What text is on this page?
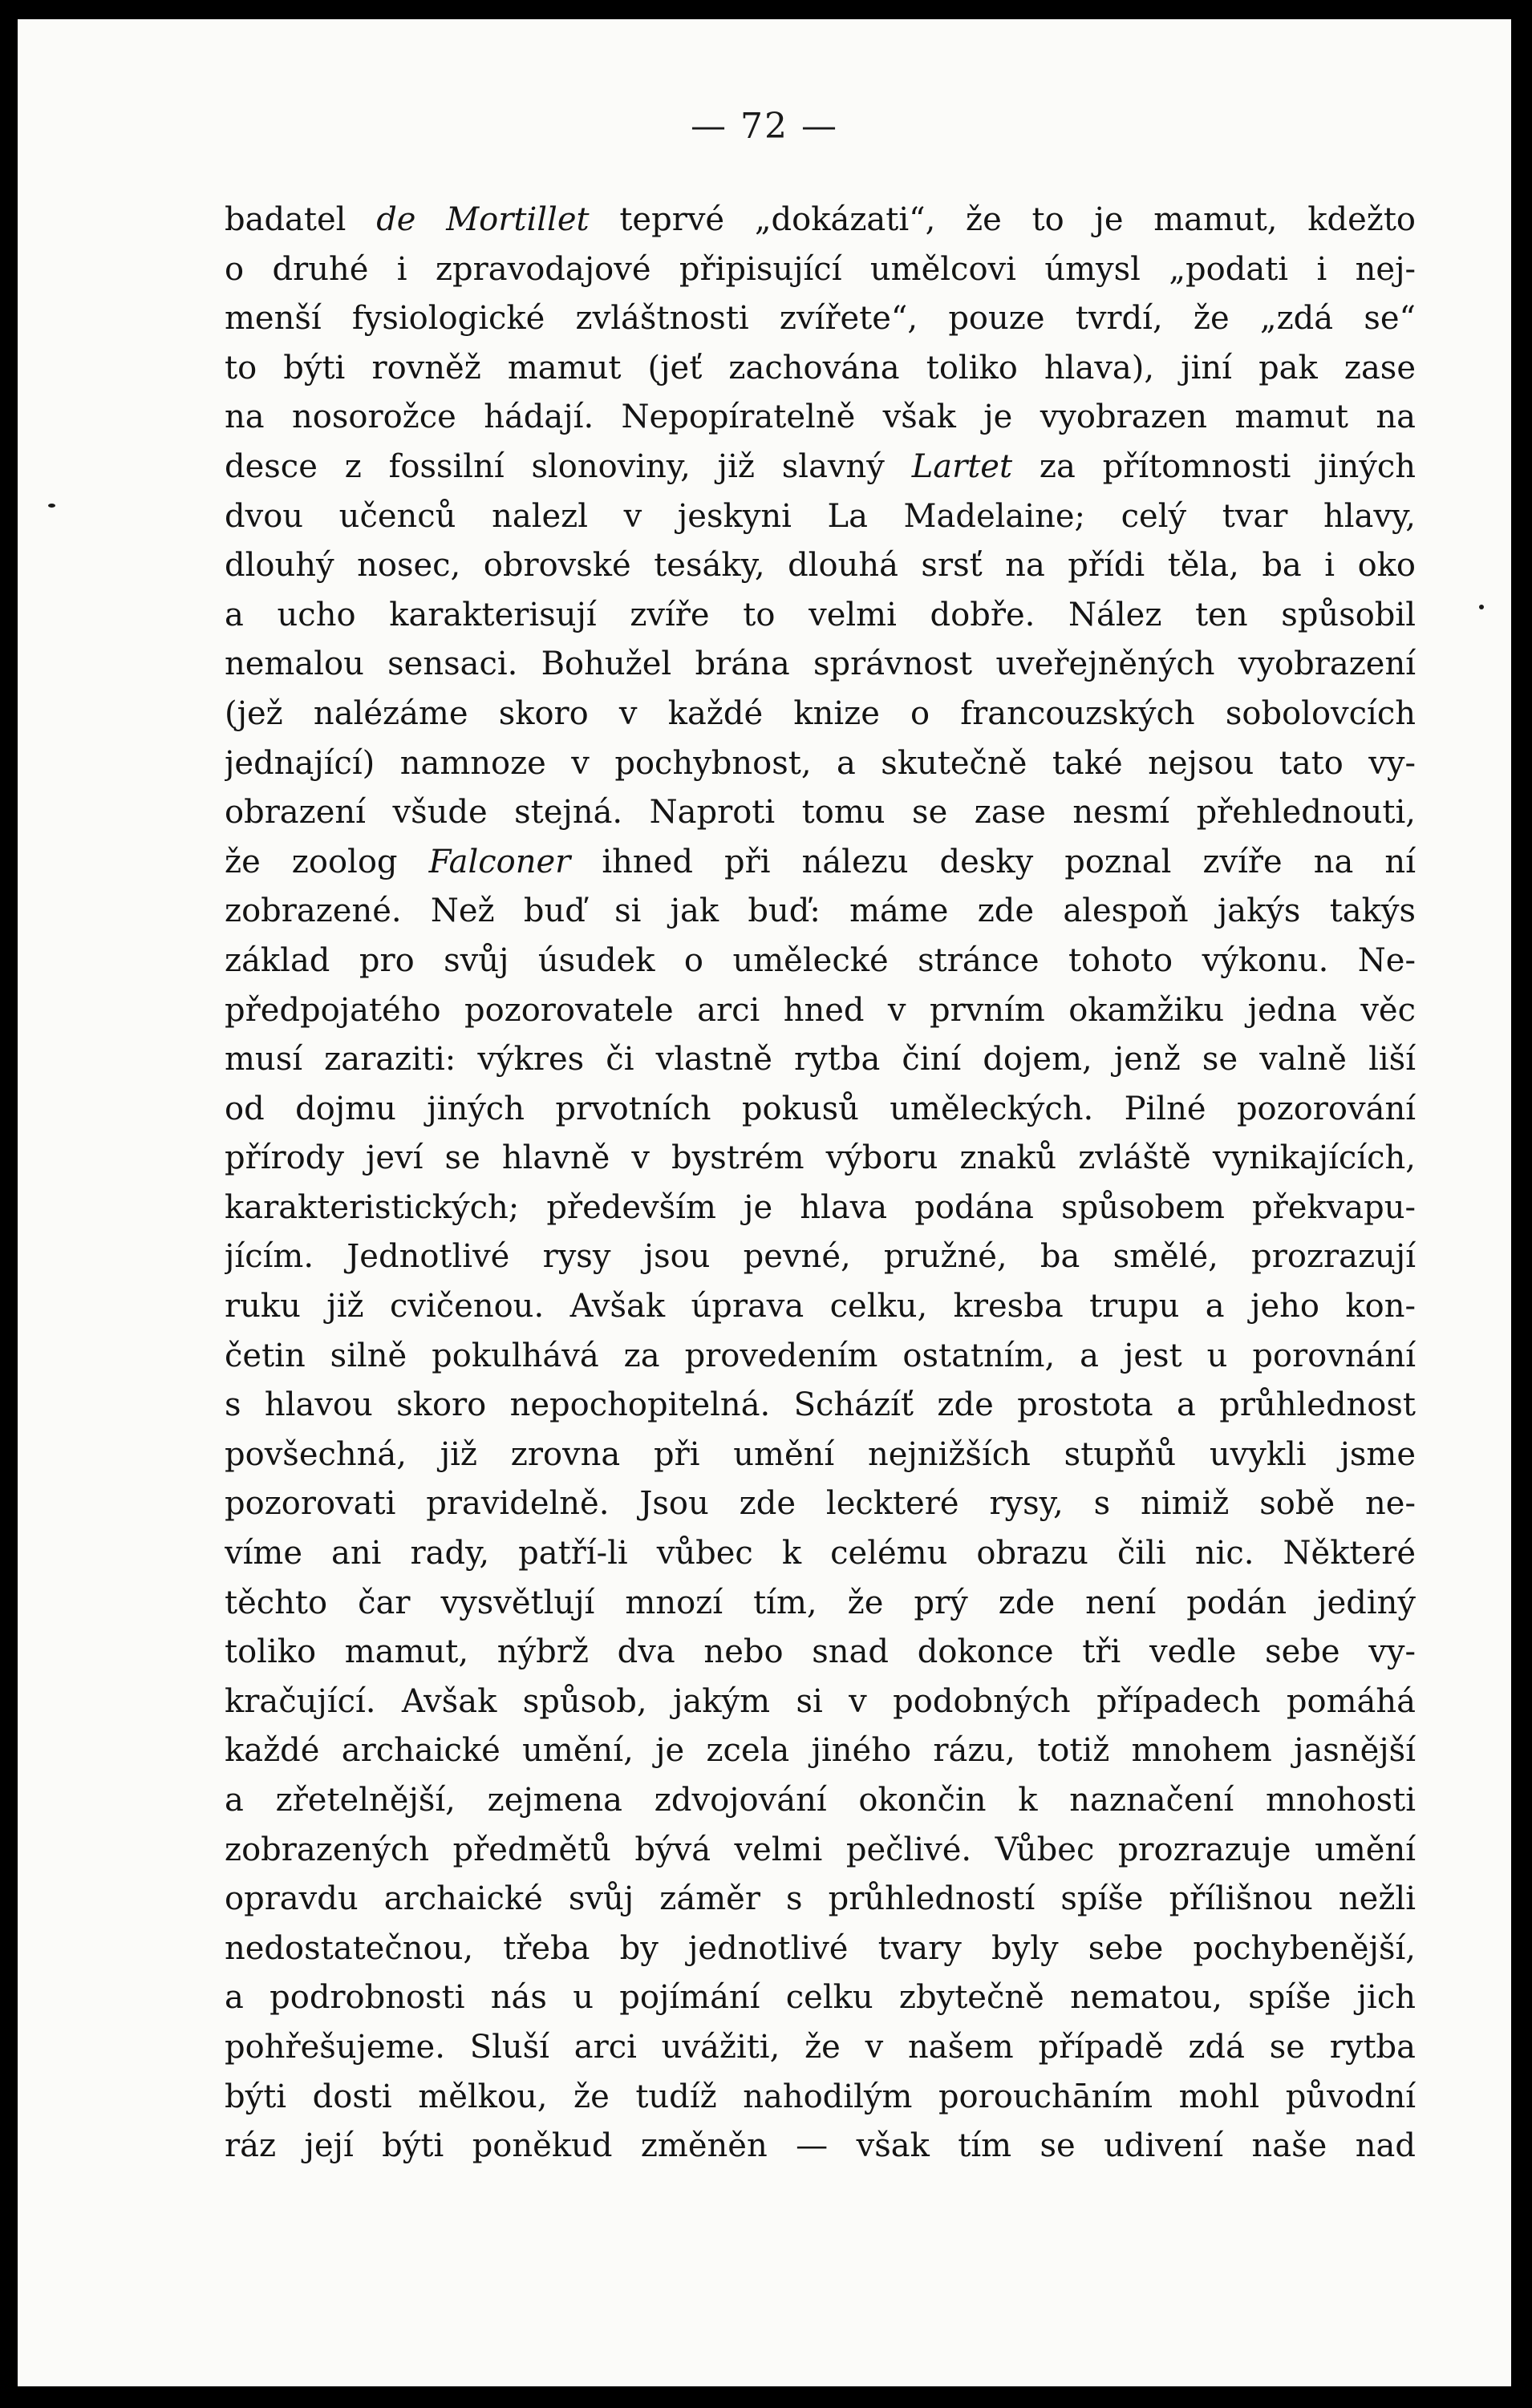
— 72 —
badatel de Mortillet teprvé „dokázati“, že to je mamut, kdežto
o druhé i zpravodajové připisující umělcovi úmysl „podati i nej-
menší fysiologické zvláštnosti zvířete“, pouze tvrdí, že „zdá se“
to býti rovněž mamut (jeť zachována toliko hlava), jiní pak zase
na nosorožce hádají. Nepopíratelně však je vyobrazen mamut na
desce z fossilní slonoviny, již slavný Lartet za přítomnosti jiných
dvou učenců nalezl v jeskyni La Madelaine; celý tvar hlavy,
dlouhý nosec, obrovské tesáky, dlouhá srsť na přídi těla, ba i oko
a ucho karakterisují zvíře to velmi dobře. Nález ten spůsobil
nemalou sensaci. Bohužel brána správnost uveřejněných vyobrazení
(jež nalézáme skoro v každé knize o francouzských sobolovcích
jednající) namnoze v pochybnost, a skutečně také nejsou tato vy-
obrazení všude stejná. Naproti tomu se zase nesmí přehlednouti,
že zoolog Falconer ihned při nálezu desky poznal zvíře na ní
zobrazené. Než buď si jak buď: máme zde alespoň jakýs takýs
základ pro svůj úsudek o umělecké stránce tohoto výkonu. Ne-
předpojatého pozorovatele arci hned v prvním okamžiku jedna věc
musí zaraziti: výkres či vlastně rytba činí dojem, jenž se valně liší
od dojmu jiných prvotních pokusů uměleckých. Pilné pozorování
přírody jeví se hlavně v bystrém výboru znaků zvláště vynikajících,
karakteristických; především je hlava podána spůsobem překvapu-
jícím. Jednotlivé rysy jsou pevné, pružné, ba smělé, prozrazují
ruku již cvičenou. Avšak úprava celku, kresba trupu a jeho kon-
četin silně pokulhává za provedením ostatním, a jest u porovnání
s hlavou skoro nepochopitelná. Scházíť zde prostota a průhlednost
povšechná, již zrovna při umění nejnižších stupňů uvykli jsme
pozorovati pravidelně. Jsou zde leckteré rysy, s nimiž sobě ne-
víme ani rady, patří-li vůbec k celému obrazu čili nic. Některé
těchto čar vysvětlují mnozí tím, že prý zde není podán jediný
toliko mamut, nýbrž dva nebo snad dokonce tři vedle sebe vy-
kračující. Avšak spůsob, jakým si v podobných případech pomáhá
každé archaické umění, je zcela jiného rázu, totiž mnohem jasnější
a zřetelnější, zejmena zdvojování okončin k naznačení mnohosti
zobrazených předmětů bývá velmi pečlivé. Vůbec prozrazuje umění
opravdu archaické svůj záměr s průhledností spíše přílišnou nežli
nedostatečnou, třeba by jednotlivé tvary byly sebe pochybenější,
a podrobnosti nás u pojímání celku zbytečně nematou, spíše jich
pohřešujeme. Sluší arci uvážiti, že v našem případě zdá se rytba
býti dosti mělkou, že tudíž nahodilým porouchāním mohl původní
ráz její býti poněkud změněn — však tím se udivení naše nad
